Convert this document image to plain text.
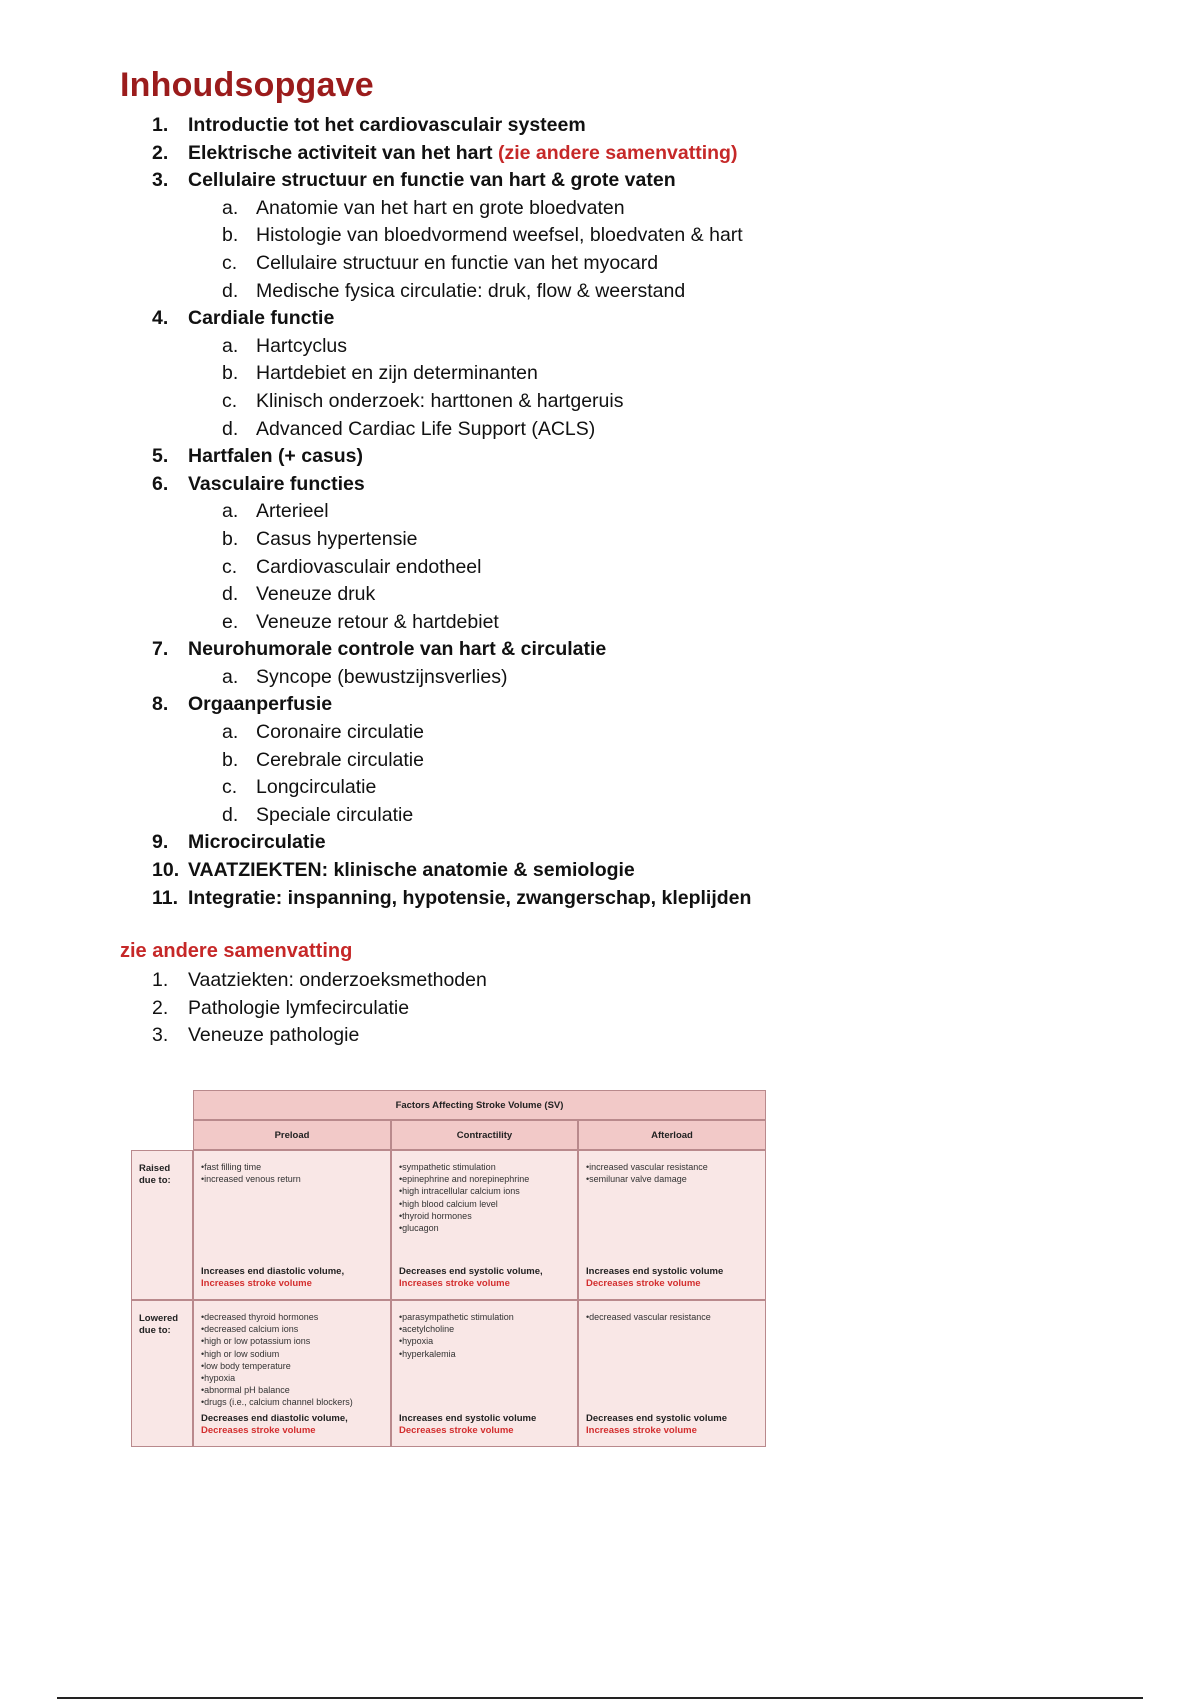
Inhoudsopgave
1. Introductie tot het cardiovasculair systeem
2. Elektrische activiteit van het hart (zie andere samenvatting)
3. Cellulaire structuur en functie van hart & grote vaten
a. Anatomie van het hart en grote bloedvaten
b. Histologie van bloedvormend weefsel, bloedvaten & hart
c. Cellulaire structuur en functie van het myocard
d. Medische fysica circulatie: druk, flow & weerstand
4. Cardiale functie
a. Hartcyclus
b. Hartdebiet en zijn determinanten
c. Klinisch onderzoek: harttonen & hartgeruis
d. Advanced Cardiac Life Support (ACLS)
5. Hartfalen (+ casus)
6. Vasculaire functies
a. Arterieel
b. Casus hypertensie
c. Cardiovasculair endotheel
d. Veneuze druk
e. Veneuze retour & hartdebiet
7. Neurohumorale controle van hart & circulatie
a. Syncope (bewustzijnsverlies)
8. Orgaanperfusie
a. Coronaire circulatie
b. Cerebrale circulatie
c. Longcirculatie
d. Speciale circulatie
9. Microcirculatie
10. VAATZIEKTEN: klinische anatomie & semiologie
11. Integratie: inspanning, hypotensie, zwangerschap, kleplijden
zie andere samenvatting
1. Vaatziekten: onderzoeksmethoden
2. Pathologie lymfecirculatie
3. Veneuze pathologie
Factors Affecting Stroke Volume (SV)
Preload	Contractility	Afterload
Raised due to:
• fast filling time
• increased venous return
Increases end diastolic volume,
Increases stroke volume
• sympathetic stimulation
• epinephrine and norepinephrine
• high intracellular calcium ions
• high blood calcium level
• thyroid hormones
• glucagon
Decreases end systolic volume,
Increases stroke volume
• increased vascular resistance
• semilunar valve damage
Increases end systolic volume
Decreases stroke volume
Lowered due to:
• decreased thyroid hormones
• decreased calcium ions
• high or low potassium ions
• high or low sodium
• low body temperature
• hypoxia
• abnormal pH balance
• drugs (i.e., calcium channel blockers)
Decreases end diastolic volume,
Decreases stroke volume
• parasympathetic stimulation
• acetylcholine
• hypoxia
• hyperkalemia
Increases end systolic volume
Decreases stroke volume
• decreased vascular resistance
Decreases end systolic volume
Increases stroke volume
